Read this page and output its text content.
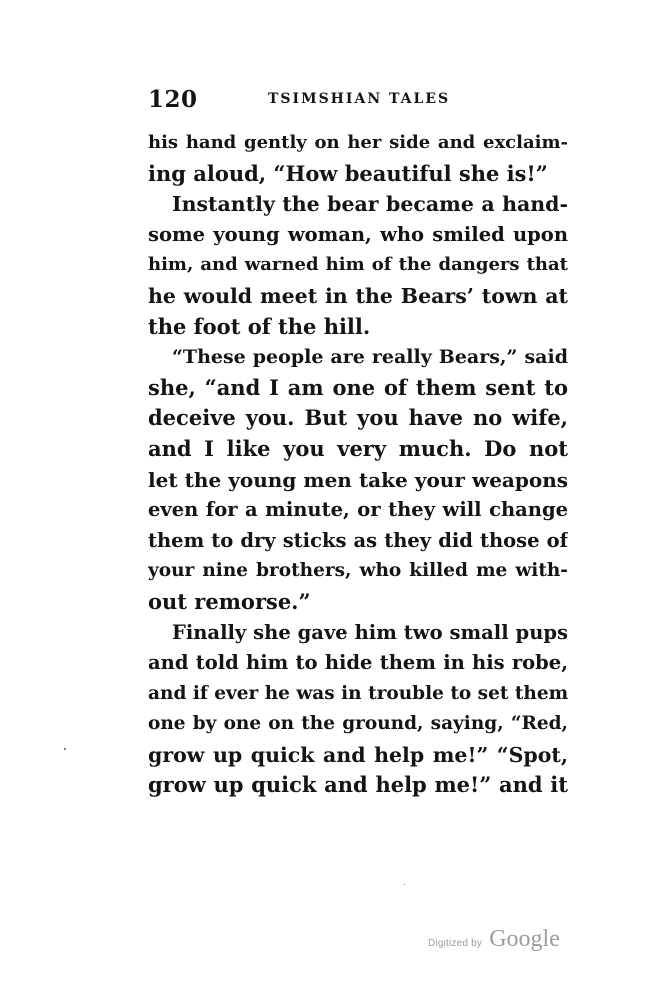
120	TSIMSHIAN TALES
his hand gently on her side and exclaim-
ing aloud, “How beautiful she is!”
Instantly the bear became a hand-
some young woman, who smiled upon
him, and warned him of the dangers that
he would meet in the Bears’ town at
the foot of the hill.
“These people are really Bears,” said
she, “and I am one of them sent to
deceive you. But you have no wife,
and I like you very much. Do not
let the young men take your weapons
even for a minute, or they will change
them to dry sticks as they did those of
your nine brothers, who killed me with-
out remorse.”
Finally she gave him two small pups
and told him to hide them in his robe,
and if ever he was in trouble to set them
one by one on the ground, saying, “Red,
grow up quick and help me!” “Spot,
grow up quick and help me!” and it
Digitized by Google
